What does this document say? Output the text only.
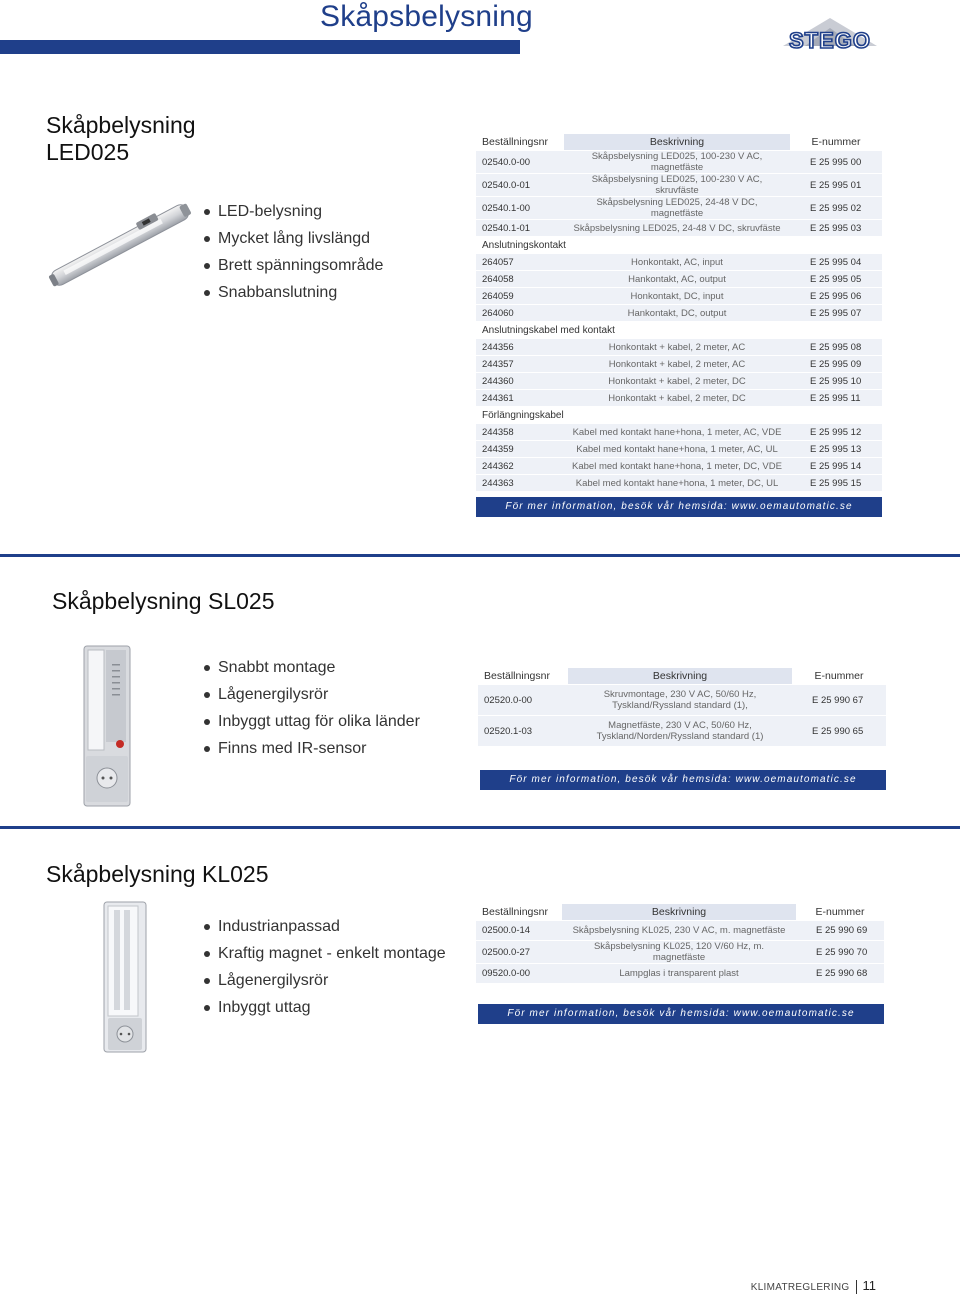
Skåpsbelysning
STEGO
Skåpbelysning
LED025
LED-belysning
Mycket lång livslängd
Brett spänningsområde
Snabbanslutning
Beställningsnr	Beskrivning	E-nummer
02540.0-00	Skåpsbelysning LED025, 100-230 V AC, magnetfäste	E 25 995 00
02540.0-01	Skåpsbelysning LED025, 100-230 V AC, skruvfäste	E 25 995 01
02540.1-00	Skåpsbelysning LED025, 24-48 V DC, magnetfäste	E 25 995 02
02540.1-01	Skåpsbelysning LED025, 24-48 V DC, skruvfäste	E 25 995 03
Anslutningskontakt		
264057	Honkontakt, AC, input	E 25 995 04
264058	Hankontakt, AC, output	E 25 995 05
264059	Honkontakt, DC, input	E 25 995 06
264060	Hankontakt, DC, output	E 25 995 07
Anslutningskabel med kontakt		
244356	Honkontakt + kabel, 2 meter, AC	E 25 995 08
244357	Honkontakt + kabel, 2 meter, AC	E 25 995 09
244360	Honkontakt + kabel, 2 meter, DC	E 25 995 10
244361	Honkontakt + kabel, 2 meter, DC	E 25 995 11
Förlängningskabel		
244358	Kabel med kontakt hane+hona, 1 meter, AC, VDE	E 25 995 12
244359	Kabel med kontakt hane+hona, 1 meter, AC, UL	E 25 995 13
244362	Kabel med kontakt hane+hona, 1 meter, DC, VDE	E 25 995 14
244363	Kabel med kontakt hane+hona, 1 meter, DC, UL	E 25 995 15
För mer information, besök vår hemsida: www.oemautomatic.se
Skåpbelysning SL025
Snabbt montage
Lågenergilysrör
Inbyggt uttag för olika länder
Finns med IR-sensor
Beställningsnr	Beskrivning	E-nummer
02520.0-00	Skruvmontage, 230 V AC, 50/60 Hz, Tyskland/Ryssland standard (1),	E 25 990 67
02520.1-03	Magnetfäste, 230 V AC, 50/60 Hz, Tyskland/Norden/Ryssland standard (1)	E 25 990 65
För mer information, besök vår hemsida: www.oemautomatic.se
Skåpbelysning KL025
Industrianpassad
Kraftig magnet - enkelt montage
Lågenergilysrör
Inbyggt uttag
Beställningsnr	Beskrivning	E-nummer
02500.0-14	Skåpsbelysning KL025, 230 V AC, m. magnetfäste	E 25 990 69
02500.0-27	Skåpsbelysning KL025, 120 V/60 Hz, m. magnetfäste	E 25 990 70
09520.0-00	Lampglas i transparent plast	E 25 990 68
För mer information, besök vår hemsida: www.oemautomatic.se
KLIMATREGLERING 11
